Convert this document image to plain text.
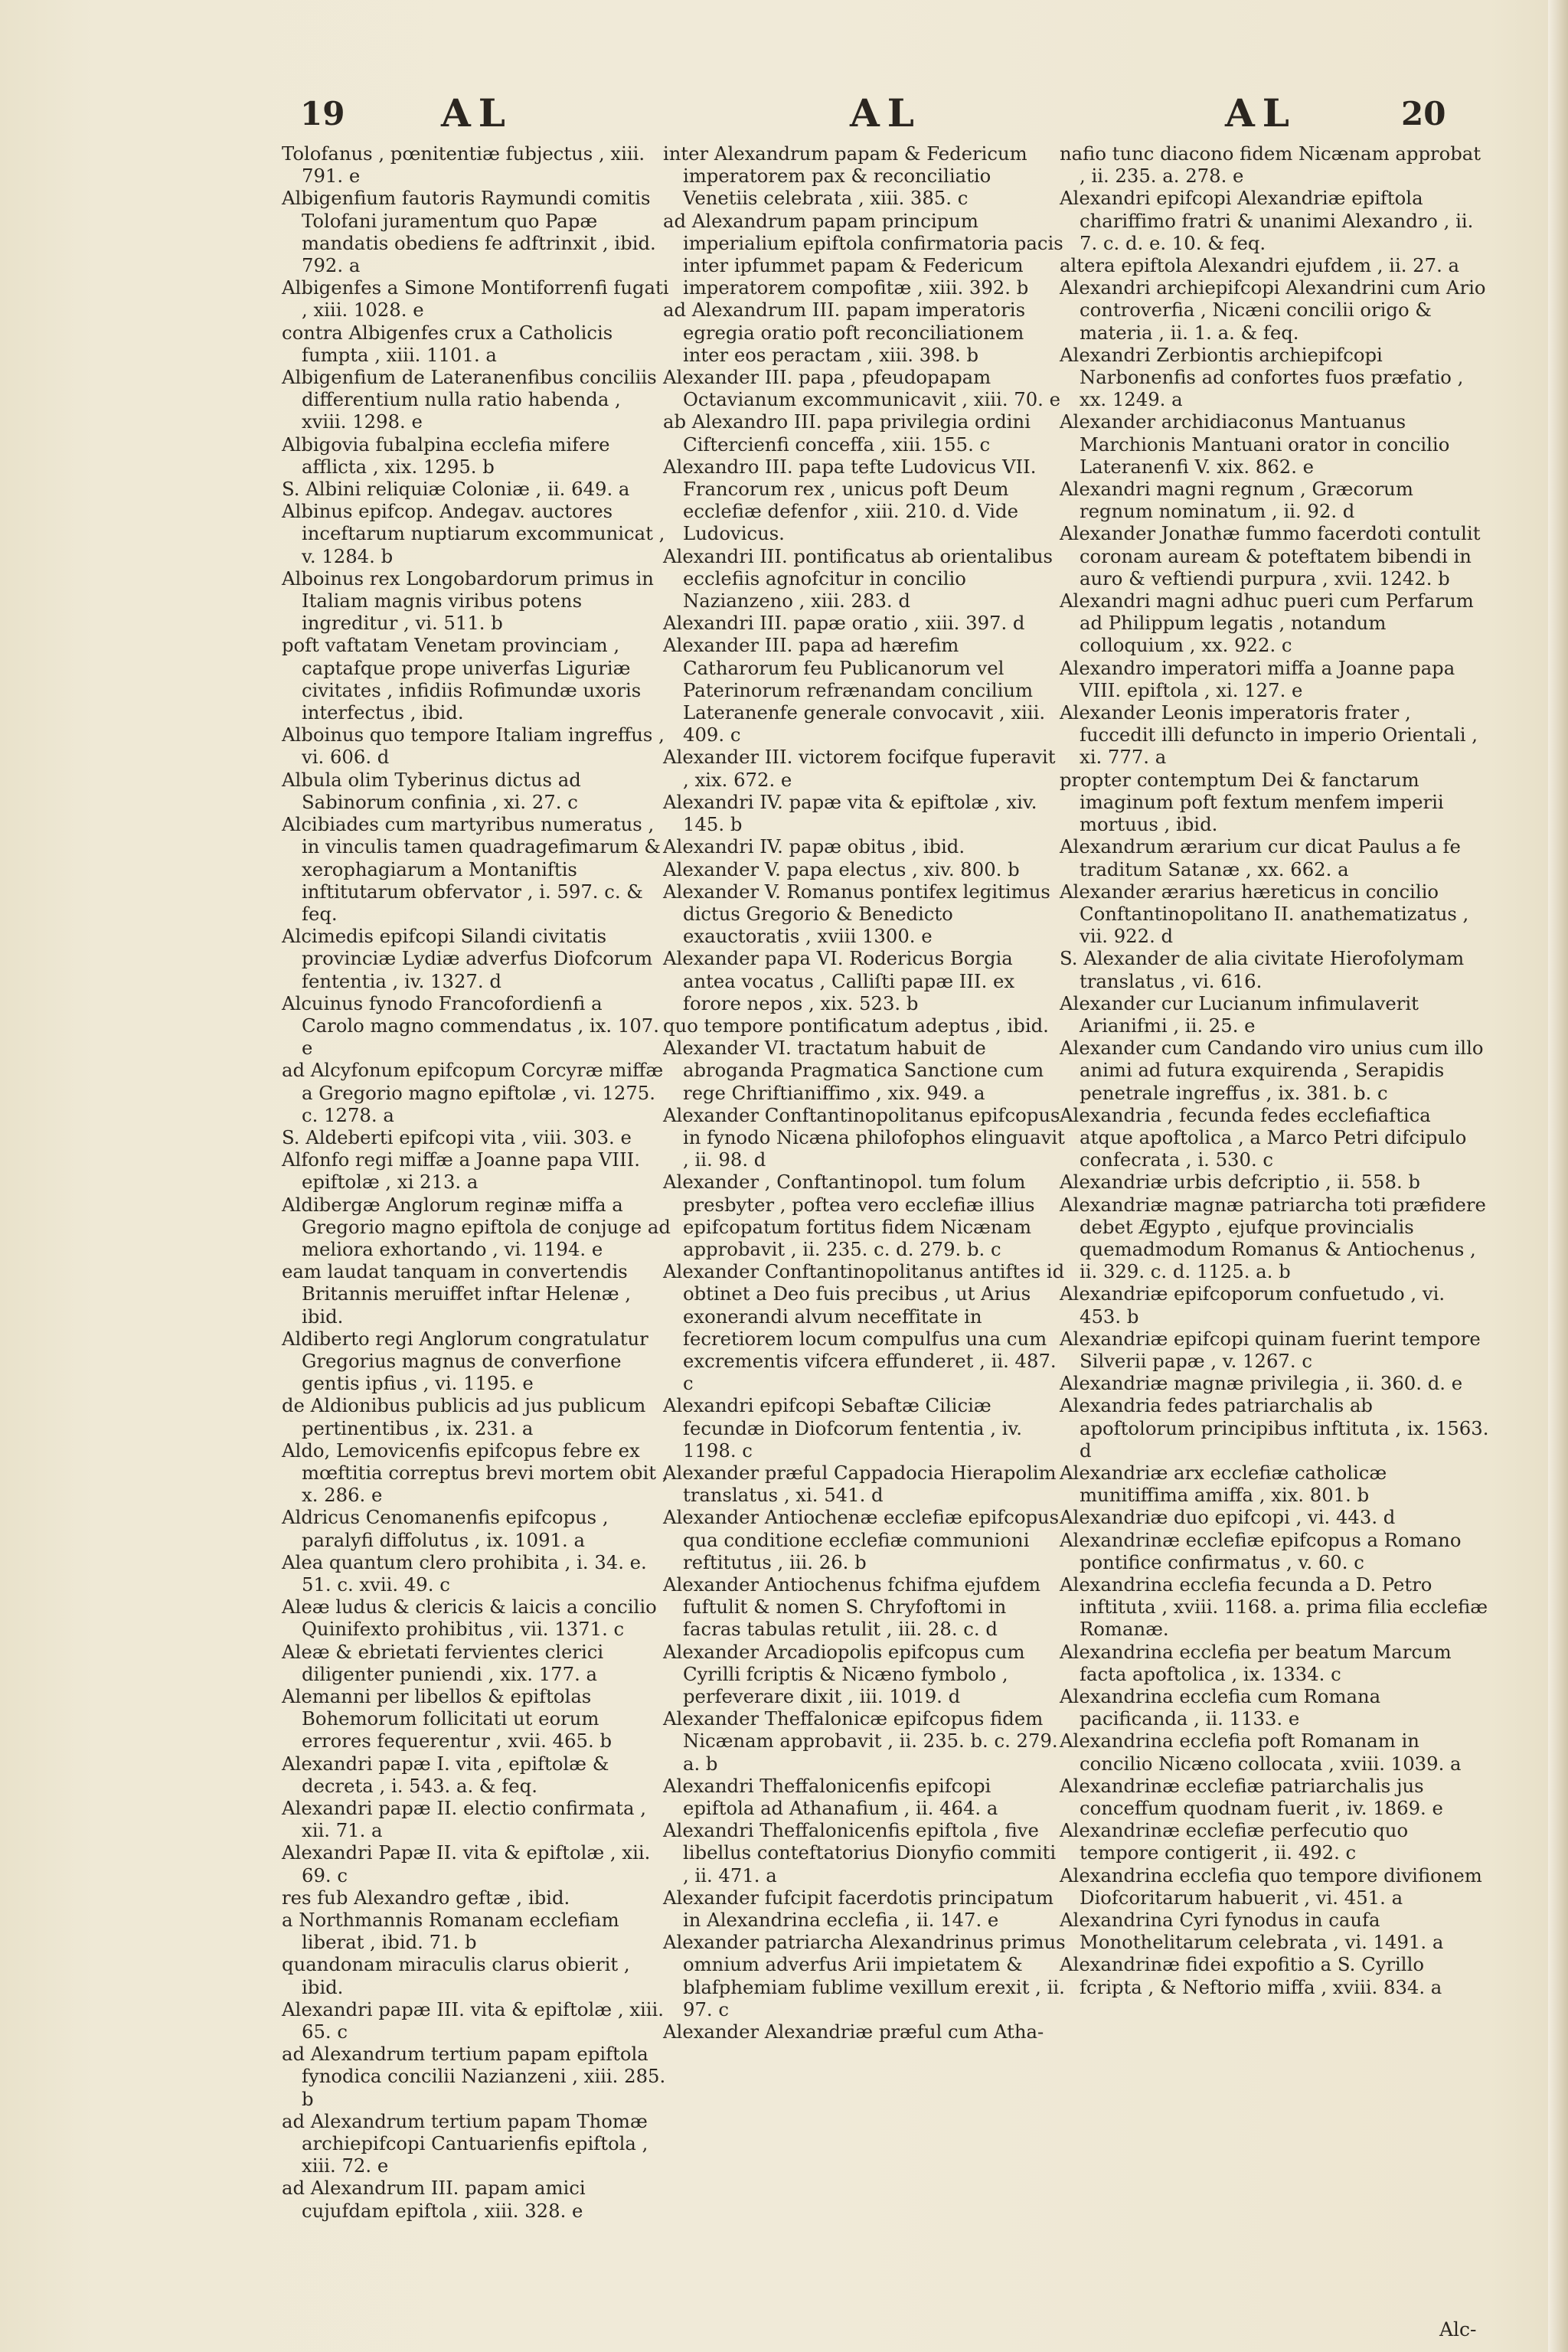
19	AL	AL	AL	20
Tolofanus , pœnitentiæ fubjectus , xiii. 791. e
Albigenfium fautoris Raymundi comitis Tolofani juramentum quo Papæ mandatis obediens fe adftrinxit , ibid. 792. a
Albigenfes a Simone Montiforrenfi fugati , xiii. 1028. e
contra Albigenfes crux a Catholicis fumpta , xiii. 1101. a
Albigenfium de Lateranenfibus conciliis differentium nulla ratio habenda , xviii. 1298. e
Albigovia fubalpina ecclefia mifere afflicta , xix. 1295. b
S. Albini reliquiæ Coloniæ , ii. 649. a
Albinus epifcop. Andegav. auctores inceftarum nuptiarum excommunicat , v. 1284. b
Alboinus rex Longobardorum primus in Italiam magnis viribus potens ingreditur , vi. 511. b
poft vaftatam Venetam provinciam , captafque prope univerfas Liguriæ civitates , infidiis Rofimundæ uxoris interfectus , ibid.
Alboinus quo tempore Italiam ingreffus , vi. 606. d
Albula olim Tyberinus dictus ad Sabinorum confinia , xi. 27. c
Alcibiades cum martyribus numeratus , in vinculis tamen quadragefimarum & xerophagiarum a Montaniftis inftitutarum obfervator , i. 597. c. & feq.
Alcimedis epifcopi Silandi civitatis provinciæ Lydiæ adverfus Diofcorum fententia , iv. 1327. d
Alcuinus fynodo Francofordienfi a Carolo magno commendatus , ix. 107. e
ad Alcyfonum epifcopum Corcyræ miffæ a Gregorio magno epiftolæ , vi. 1275. c. 1278. a
S. Aldeberti epifcopi vita , viii. 303. e
Alfonfo regi miffæ a Joanne papa VIII. epiftolæ , xi 213. a
Aldibergæ Anglorum reginæ miffa a Gregorio magno epiftola de conjuge ad meliora exhortando , vi. 1194. e
eam laudat tanquam in convertendis Britannis meruiffet inftar Helenæ , ibid.
Aldiberto regi Anglorum congratulatur Gregorius magnus de converfione gentis ipfius , vi. 1195. e
de Aldionibus publicis ad jus publicum pertinentibus , ix. 231. a
Aldo, Lemovicenfis epifcopus febre ex mœftitia correptus brevi mortem obit , x. 286. e
Aldricus Cenomanenfis epifcopus , paralyfi diffolutus , ix. 1091. a
Alea quantum clero prohibita , i. 34. e. 51. c. xvii. 49. c
Aleæ ludus & clericis & laicis a concilio Quinifexto prohibitus , vii. 1371. c
Aleæ & ebrietati fervientes clerici diligenter puniendi , xix. 177. a
Alemanni per libellos & epiftolas Bohemorum follicitati ut eorum errores fequerentur , xvii. 465. b
Alexandri papæ I. vita , epiftolæ & decreta , i. 543. a. & feq.
Alexandri papæ II. electio confirmata , xii. 71. a
Alexandri Papæ II. vita & epiftolæ , xii. 69. c
res fub Alexandro geftæ , ibid.
a Northmannis Romanam ecclefiam liberat , ibid. 71. b
quandonam miraculis clarus obierit , ibid.
Alexandri papæ III. vita & epiftolæ , xiii. 65. c
ad Alexandrum tertium papam epiftola fynodica concilii Nazianzeni , xiii. 285. b
ad Alexandrum tertium papam Thomæ archiepifcopi Cantuarienfis epiftola , xiii. 72. e
ad Alexandrum III. papam amici cujufdam epiftola , xiii. 328. e
inter Alexandrum papam & Federicum imperatorem pax & reconciliatio Venetiis celebrata , xiii. 385. c
ad Alexandrum papam principum imperialium epiftola confirmatoria pacis inter ipfummet papam & Federicum imperatorem compofitæ , xiii. 392. b
ad Alexandrum III. papam imperatoris egregia oratio poft reconciliationem inter eos peractam , xiii. 398. b
Alexander III. papa , pfeudopapam Octavianum excommunicavit , xiii. 70. e
ab Alexandro III. papa privilegia ordini Ciftercienfi conceffa , xiii. 155. c
Alexandro III. papa tefte Ludovicus VII. Francorum rex , unicus poft Deum ecclefiæ defenfor , xiii. 210. d. Vide Ludovicus.
Alexandri III. pontificatus ab orientalibus ecclefiis agnofcitur in concilio Nazianzeno , xiii. 283. d
Alexandri III. papæ oratio , xiii. 397. d
Alexander III. papa ad hærefim Catharorum feu Publicanorum vel Paterinorum refrænandam concilium Lateranenfe generale convocavit , xiii. 409. c
Alexander III. victorem focifque fuperavit , xix. 672. e
Alexandri IV. papæ vita & epiftolæ , xiv. 145. b
Alexandri IV. papæ obitus , ibid.
Alexander V. papa electus , xiv. 800. b
Alexander V. Romanus pontifex legitimus dictus Gregorio & Benedicto exauctoratis , xviii 1300. e
Alexander papa VI. Rodericus Borgia antea vocatus , Calliſti papæ III. ex forore nepos , xix. 523. b
quo tempore pontificatum adeptus , ibid.
Alexander VI. tractatum habuit de abroganda Pragmatica Sanctione cum rege Chriftianiffimo , xix. 949. a
Alexander Conftantinopolitanus epifcopus in fynodo Nicæna philofophos elinguavit , ii. 98. d
Alexander , Conftantinopol. tum folum presbyter , poftea vero ecclefiæ illius epifcopatum fortitus fidem Nicænam approbavit , ii. 235. c. d. 279. b. c
Alexander Conftantinopolitanus antiftes id obtinet a Deo fuis precibus , ut Arius exonerandi alvum neceffitate in fecretiorem locum compulfus una cum excrementis vifcera effunderet , ii. 487. c
Alexandri epifcopi Sebaftæ Ciliciæ fecundæ in Diofcorum fententia , iv. 1198. c
Alexander præful Cappadocia Hierapolim translatus , xi. 541. d
Alexander Antiochenæ ecclefiæ epifcopus qua conditione ecclefiæ communioni reftitutus , iii. 26. b
Alexander Antiochenus fchifma ejufdem fuftulit & nomen S. Chryfoftomi in facras tabulas retulit , iii. 28. c. d
Alexander Arcadiopolis epifcopus cum Cyrilli fcriptis & Nicæno fymbolo , perfeverare dixit , iii. 1019. d
Alexander Theffalonicæ epifcopus fidem Nicænam approbavit , ii. 235. b. c. 279. a. b
Alexandri Theffalonicenfis epifcopi epiftola ad Athanafium , ii. 464. a
Alexandri Theffalonicenfis epiftola , five libellus conteftatorius Dionyfio commiti , ii. 471. a
Alexander fufcipit facerdotis principatum in Alexandrina ecclefia , ii. 147. e
Alexander patriarcha Alexandrinus primus omnium adverfus Arii impietatem & blafphemiam fublime vexillum erexit , ii. 97. c
Alexander Alexandriæ præful cum Atha-
nafio tunc diacono fidem Nicænam approbat , ii. 235. a. 278. e
Alexandri epifcopi Alexandriæ epiftola chariffimo fratri & unanimi Alexandro , ii. 7. c. d. e. 10. & feq.
altera epiftola Alexandri ejufdem , ii. 27. a
Alexandri archiepifcopi Alexandrini cum Ario controverfia , Nicæni concilii origo & materia , ii. 1. a. & feq.
Alexandri Zerbiontis archiepifcopi Narbonenfis ad confortes fuos præfatio , xx. 1249. a
Alexander archidiaconus Mantuanus Marchionis Mantuani orator in concilio Lateranenfi V. xix. 862. e
Alexandri magni regnum , Græcorum regnum nominatum , ii. 92. d
Alexander Jonathæ fummo facerdoti contulit coronam auream & poteftatem bibendi in auro & veftiendi purpura , xvii. 1242. b
Alexandri magni adhuc pueri cum Perfarum ad Philippum legatis , notandum colloquium , xx. 922. c
Alexandro imperatori miffa a Joanne papa VIII. epiftola , xi. 127. e
Alexander Leonis imperatoris frater , fuccedit illi defuncto in imperio Orientali , xi. 777. a
propter contemptum Dei & fanctarum imaginum poft fextum menfem imperii mortuus , ibid.
Alexandrum ærarium cur dicat Paulus a fe traditum Satanæ , xx. 662. a
Alexander ærarius hæreticus in concilio Conftantinopolitano II. anathematizatus , vii. 922. d
S. Alexander de alia civitate Hierofolymam translatus , vi. 616.
Alexander cur Lucianum infimulaverit Arianifmi , ii. 25. e
Alexander cum Candando viro unius cum illo animi ad futura exquirenda , Serapidis penetrale ingreffus , ix. 381. b. c
Alexandria , fecunda fedes ecclefiaftica atque apoftolica , a Marco Petri difcipulo confecrata , i. 530. c
Alexandriæ urbis defcriptio , ii. 558. b
Alexandriæ magnæ patriarcha toti præfidere debet Ægypto , ejufque provincialis quemadmodum Romanus & Antiochenus , ii. 329. c. d. 1125. a. b
Alexandriæ epifcoporum confuetudo , vi. 453. b
Alexandriæ epifcopi quinam fuerint tempore Silverii papæ , v. 1267. c
Alexandriæ magnæ privilegia , ii. 360. d. e
Alexandria fedes patriarchalis ab apoftolorum principibus inftituta , ix. 1563. d
Alexandriæ arx ecclefiæ catholicæ munitiffima amiffa , xix. 801. b
Alexandriæ duo epifcopi , vi. 443. d
Alexandrinæ ecclefiæ epifcopus a Romano pontifice confirmatus , v. 60. c
Alexandrina ecclefia fecunda a D. Petro inftituta , xviii. 1168. a. prima filia ecclefiæ Romanæ.
Alexandrina ecclefia per beatum Marcum facta apoftolica , ix. 1334. c
Alexandrina ecclefia cum Romana pacificanda , ii. 1133. e
Alexandrina ecclefia poft Romanam in concilio Nicæno collocata , xviii. 1039. a
Alexandrinæ ecclefiæ patriarchalis jus conceffum quodnam fuerit , iv. 1869. e
Alexandrinæ ecclefiæ perfecutio quo tempore contigerit , ii. 492. c
Alexandrina ecclefia quo tempore divifionem Diofcoritarum habuerit , vi. 451. a
Alexandrina Cyri fynodus in caufa Monothelitarum celebrata , vi. 1491. a
Alexandrinæ fidei expofitio a S. Cyrillo fcripta , & Neftorio miffa , xviii. 834. a
Alc-
